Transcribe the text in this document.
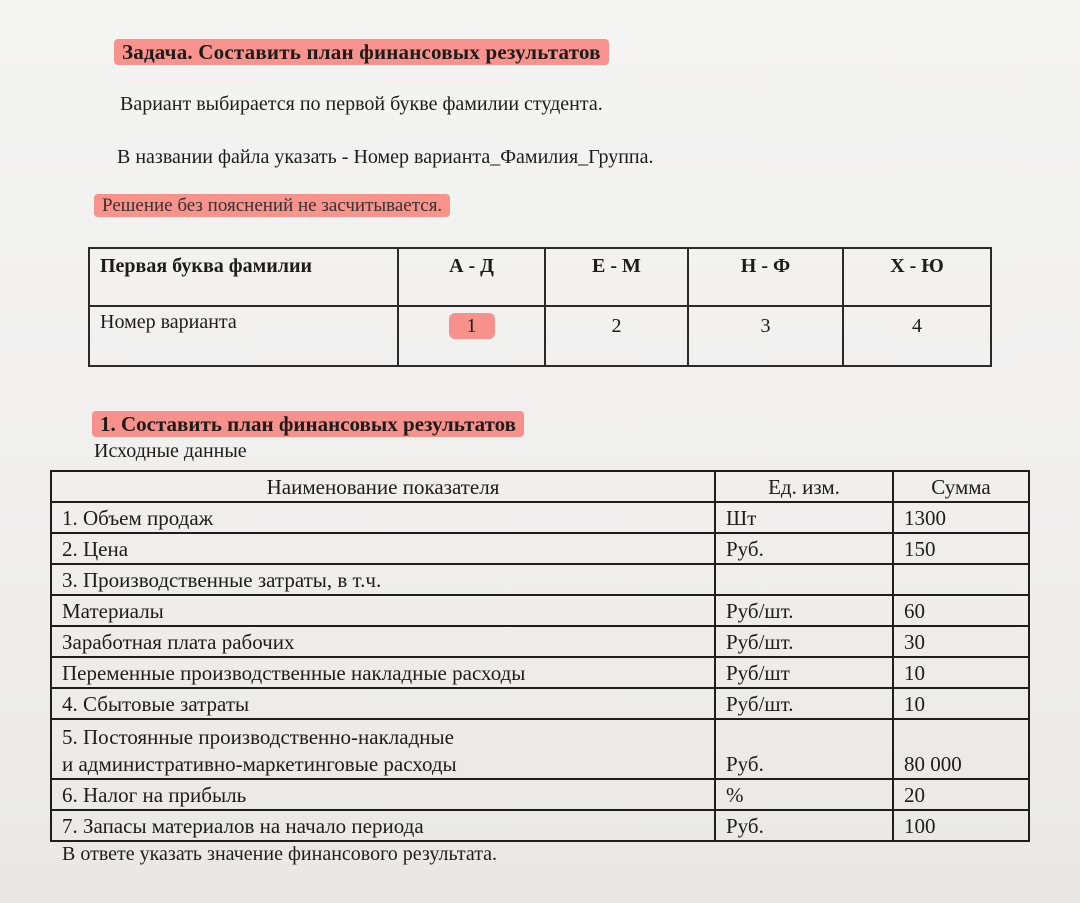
Задача. Составить план финансовых результатов
Вариант выбирается по первой букве фамилии студента.
В названии файла указать - Номер варианта_Фамилия_Группа.
Решение без пояснений не засчитывается.
Первая буква фамилии	А - Д	Е - М	Н - Ф	Х - Ю
Номер варианта	1	2	3	4
1. Составить план финансовых результатов
Исходные данные
Наименование показателя	Ед. изм.	Сумма
1. Объем продаж	Шт	1300
2. Цена	Руб.	150
3. Производственные затраты, в т.ч.		
Материалы	Руб/шт.	60
Заработная плата рабочих	Руб/шт.	30
Переменные производственные накладные расходы	Руб/шт	10
4. Сбытовые затраты	Руб/шт.	10

5. Постоянные производственно-накладные
и административно-маркетинговые расходы	Руб.	80 000
6. Налог на прибыль	%	20
7. Запасы материалов на начало периода	Руб.	100
В ответе указать значение финансового результата.
